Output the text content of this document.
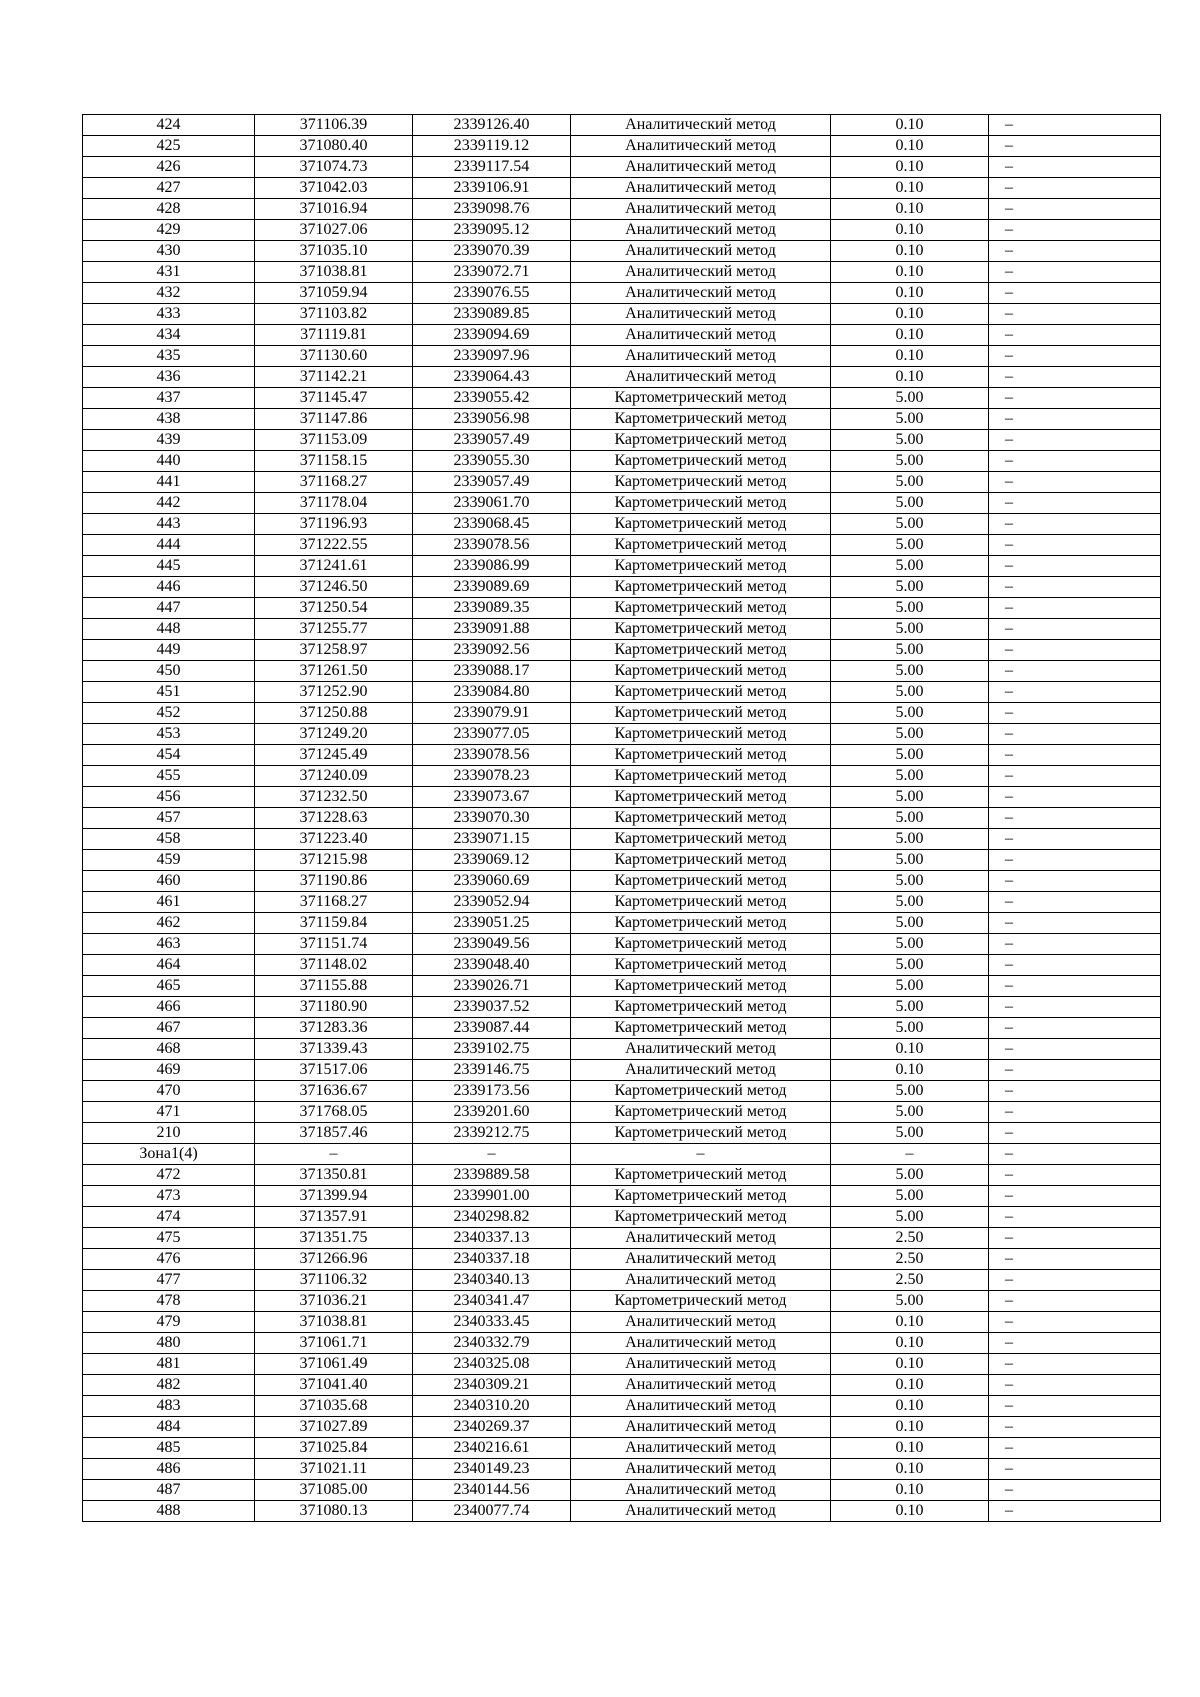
424	371106.39	2339126.40	Аналитический метод	0.10	–
425	371080.40	2339119.12	Аналитический метод	0.10	–
426	371074.73	2339117.54	Аналитический метод	0.10	–
427	371042.03	2339106.91	Аналитический метод	0.10	–
428	371016.94	2339098.76	Аналитический метод	0.10	–
429	371027.06	2339095.12	Аналитический метод	0.10	–
430	371035.10	2339070.39	Аналитический метод	0.10	–
431	371038.81	2339072.71	Аналитический метод	0.10	–
432	371059.94	2339076.55	Аналитический метод	0.10	–
433	371103.82	2339089.85	Аналитический метод	0.10	–
434	371119.81	2339094.69	Аналитический метод	0.10	–
435	371130.60	2339097.96	Аналитический метод	0.10	–
436	371142.21	2339064.43	Аналитический метод	0.10	–
437	371145.47	2339055.42	Картометрический метод	5.00	–
438	371147.86	2339056.98	Картометрический метод	5.00	–
439	371153.09	2339057.49	Картометрический метод	5.00	–
440	371158.15	2339055.30	Картометрический метод	5.00	–
441	371168.27	2339057.49	Картометрический метод	5.00	–
442	371178.04	2339061.70	Картометрический метод	5.00	–
443	371196.93	2339068.45	Картометрический метод	5.00	–
444	371222.55	2339078.56	Картометрический метод	5.00	–
445	371241.61	2339086.99	Картометрический метод	5.00	–
446	371246.50	2339089.69	Картометрический метод	5.00	–
447	371250.54	2339089.35	Картометрический метод	5.00	–
448	371255.77	2339091.88	Картометрический метод	5.00	–
449	371258.97	2339092.56	Картометрический метод	5.00	–
450	371261.50	2339088.17	Картометрический метод	5.00	–
451	371252.90	2339084.80	Картометрический метод	5.00	–
452	371250.88	2339079.91	Картометрический метод	5.00	–
453	371249.20	2339077.05	Картометрический метод	5.00	–
454	371245.49	2339078.56	Картометрический метод	5.00	–
455	371240.09	2339078.23	Картометрический метод	5.00	–
456	371232.50	2339073.67	Картометрический метод	5.00	–
457	371228.63	2339070.30	Картометрический метод	5.00	–
458	371223.40	2339071.15	Картометрический метод	5.00	–
459	371215.98	2339069.12	Картометрический метод	5.00	–
460	371190.86	2339060.69	Картометрический метод	5.00	–
461	371168.27	2339052.94	Картометрический метод	5.00	–
462	371159.84	2339051.25	Картометрический метод	5.00	–
463	371151.74	2339049.56	Картометрический метод	5.00	–
464	371148.02	2339048.40	Картометрический метод	5.00	–
465	371155.88	2339026.71	Картометрический метод	5.00	–
466	371180.90	2339037.52	Картометрический метод	5.00	–
467	371283.36	2339087.44	Картометрический метод	5.00	–
468	371339.43	2339102.75	Аналитический метод	0.10	–
469	371517.06	2339146.75	Аналитический метод	0.10	–
470	371636.67	2339173.56	Картометрический метод	5.00	–
471	371768.05	2339201.60	Картометрический метод	5.00	–
210	371857.46	2339212.75	Картометрический метод	5.00	–
Зона1(4)	–	–	–	–	–
472	371350.81	2339889.58	Картометрический метод	5.00	–
473	371399.94	2339901.00	Картометрический метод	5.00	–
474	371357.91	2340298.82	Картометрический метод	5.00	–
475	371351.75	2340337.13	Аналитический метод	2.50	–
476	371266.96	2340337.18	Аналитический метод	2.50	–
477	371106.32	2340340.13	Аналитический метод	2.50	–
478	371036.21	2340341.47	Картометрический метод	5.00	–
479	371038.81	2340333.45	Аналитический метод	0.10	–
480	371061.71	2340332.79	Аналитический метод	0.10	–
481	371061.49	2340325.08	Аналитический метод	0.10	–
482	371041.40	2340309.21	Аналитический метод	0.10	–
483	371035.68	2340310.20	Аналитический метод	0.10	–
484	371027.89	2340269.37	Аналитический метод	0.10	–
485	371025.84	2340216.61	Аналитический метод	0.10	–
486	371021.11	2340149.23	Аналитический метод	0.10	–
487	371085.00	2340144.56	Аналитический метод	0.10	–
488	371080.13	2340077.74	Аналитический метод	0.10	–
